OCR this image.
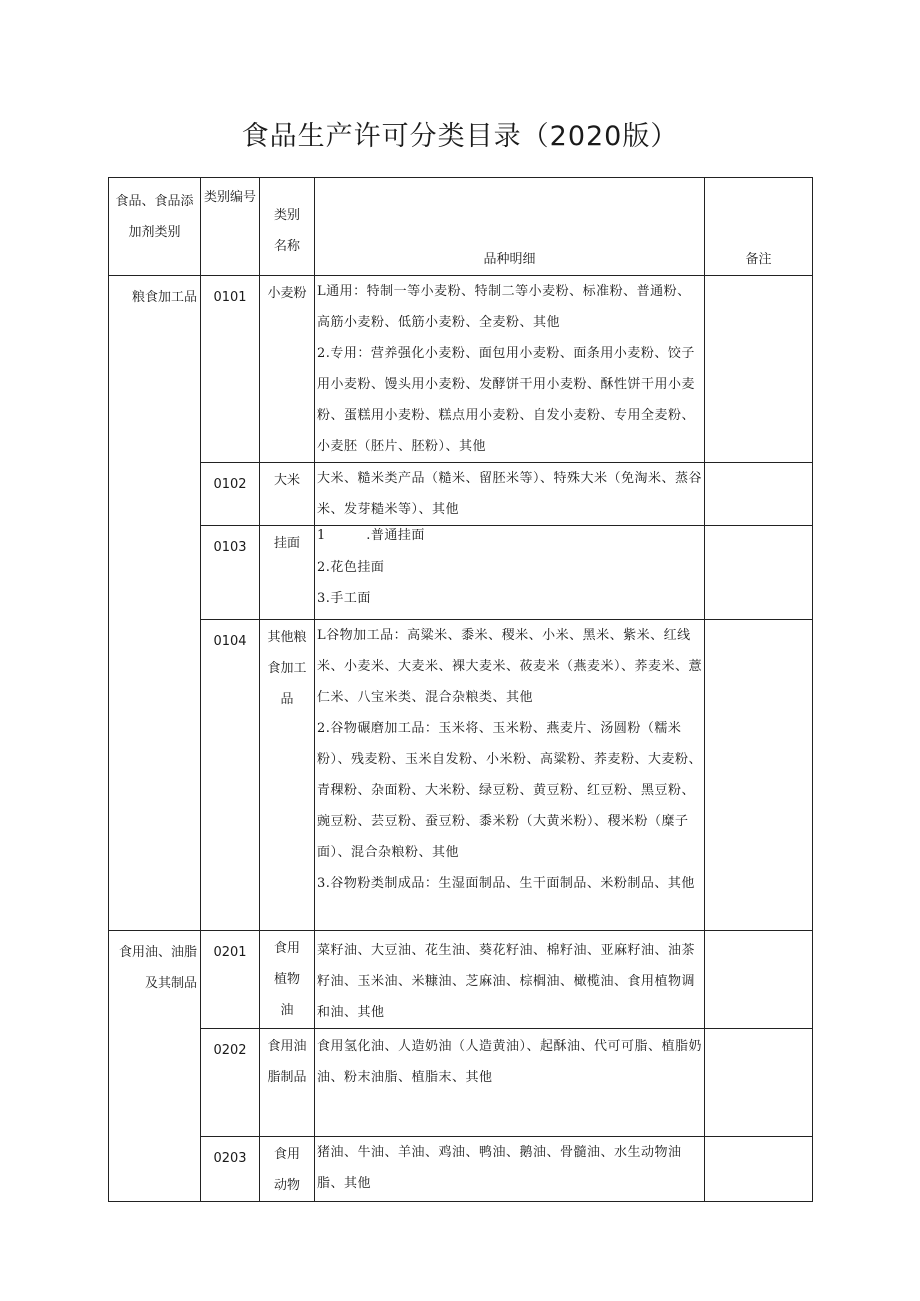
食品生产许可分类目录（2020版）
食品、食品添加剂类别	类别编号	类别名称	品种明细	备注
粮食加工品	0101	小麦粉	L通用：特制一等小麦粉、特制二等小麦粉、标准粉、普通粉、高筋小麦粉、低筋小麦粉、全麦粉、其他
2.专用：营养强化小麦粉、面包用小麦粉、面条用小麦粉、饺子用小麦粉、馒头用小麦粉、发酵饼干用小麦粉、酥性饼干用小麦粉、蛋糕用小麦粉、糕点用小麦粉、自发小麦粉、专用全麦粉、小麦胚（胚片、胚粉）、其他	

	0102	大米	大米、糙米类产品（糙米、留胚米等）、特殊大米（免淘米、蒸谷米、发芽糙米等）、其他	

	0103	挂面	1　　　.普通挂面
2.花色挂面
3.手工面	

	0104	其他粮食加工品	L谷物加工品：高粱米、黍米、稷米、小米、黑米、紫米、红线米、小麦米、大麦米、裸大麦米、莜麦米（燕麦米）、荞麦米、薏仁米、八宝米类、混合杂粮类、其他
2.谷物碾磨加工品：玉米将、玉米粉、燕麦片、汤圆粉（糯米粉）、残麦粉、玉米自发粉、小米粉、高粱粉、荞麦粉、大麦粉、青稞粉、杂面粉、大米粉、绿豆粉、黄豆粉、红豆粉、黑豆粉、豌豆粉、芸豆粉、蚕豆粉、黍米粉（大黄米粉）、稷米粉（糜子面）、混合杂粮粉、其他
3.谷物粉类制成品：生湿面制品、生干面制品、米粉制品、其他	

食用油、油脂及其制品	0201	食用植物油	菜籽油、大豆油、花生油、葵花籽油、棉籽油、亚麻籽油、油茶籽油、玉米油、米糠油、芝麻油、棕榈油、橄榄油、食用植物调和油、其他	

	0202	食用油脂制品	食用氢化油、人造奶油（人造黄油）、起酥油、代可可脂、植脂奶油、粉末油脂、植脂末、其他	

	0203	食用动物	猪油、牛油、羊油、鸡油、鸭油、鹅油、骨髓油、水生动物油脂、其他	
